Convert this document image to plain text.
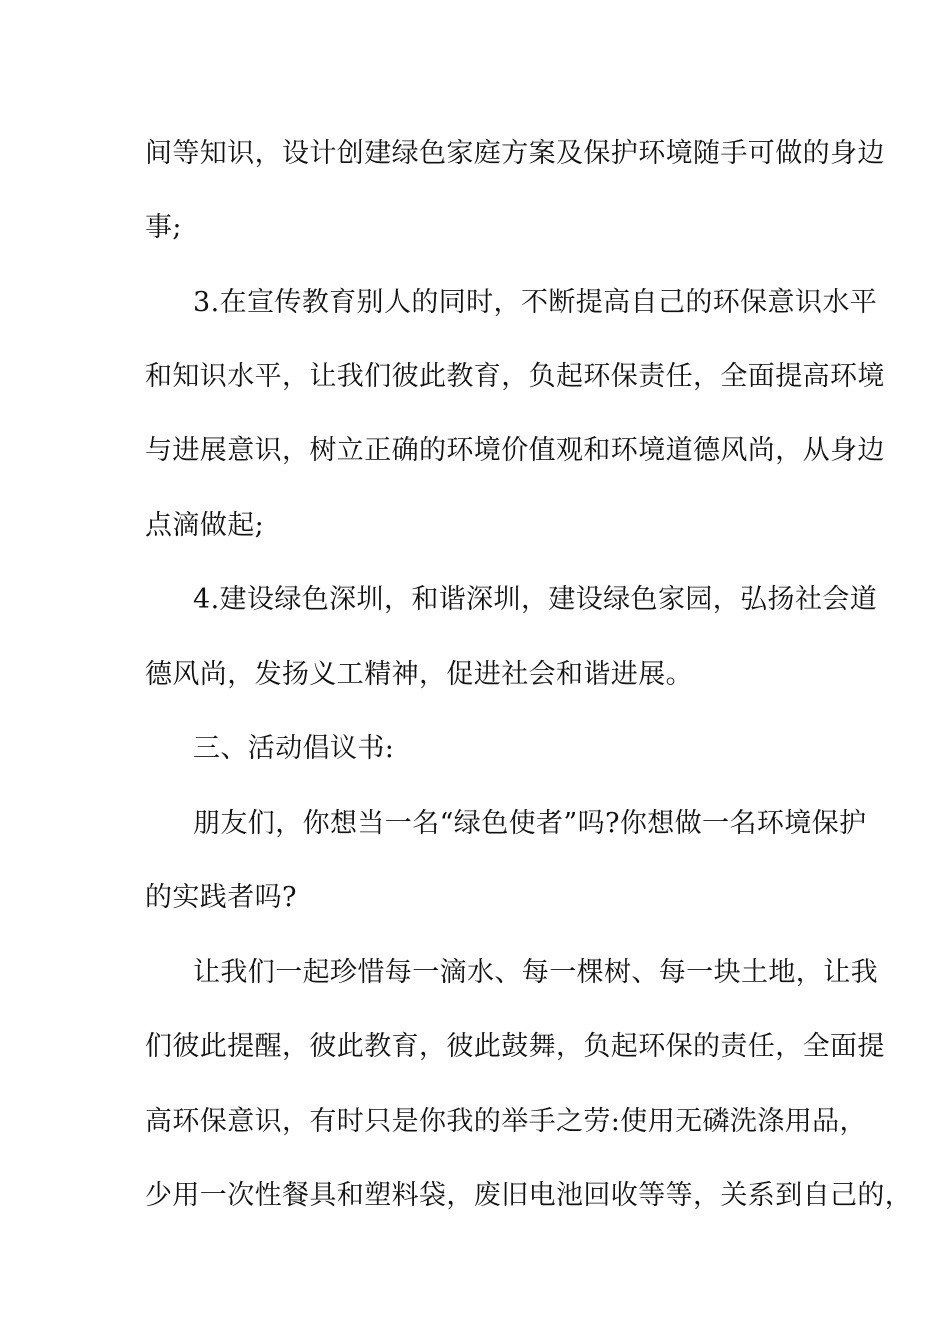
间等知识，设计创建绿色家庭方案及保护环境随手可做的身边
事;
3.在宣传教育别人的同时，不断提高自己的环保意识水平
和知识水平，让我们彼此教育，负起环保责任，全面提高环境
与进展意识，树立正确的环境价值观和环境道德风尚，从身边
点滴做起;
4.建设绿色深圳，和谐深圳，建设绿色家园，弘扬社会道
德风尚，发扬义工精神，促进社会和谐进展。
三、活动倡议书:
朋友们，你想当一名“绿色使者”吗?你想做一名环境保护
的实践者吗?
让我们一起珍惜每一滴水、每一棵树、每一块土地，让我
们彼此提醒，彼此教育，彼此鼓舞，负起环保的责任，全面提
高环保意识，有时只是你我的举手之劳:使用无磷洗涤用品，
少用一次性餐具和塑料袋，废旧电池回收等等，关系到自己的，
